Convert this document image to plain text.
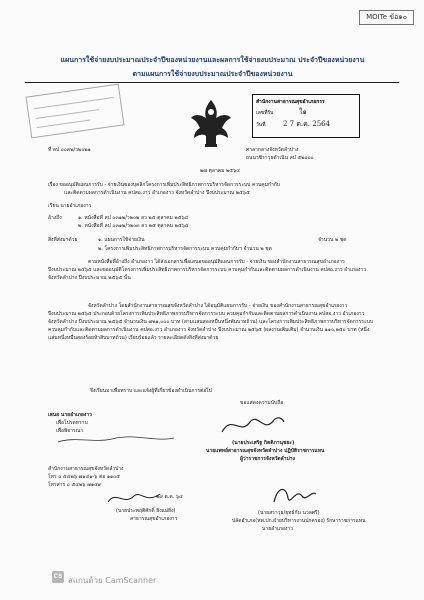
MOITe ข้อ๑๐
แผนการใช้จ่ายงบประมาณประจำปีของหน่วยงานและผลการใช้จ่ายงบประมาณ ประจำปีของหน่วยงาน
ตามแผนการใช้จ่ายงบประมาณประจำปีของหน่วยงาน
สำนักงานสาธารณสุขอำเภอกรร
เลขที่รับ	ใ๑
วันที่ 2 7 ต.ค. 2564
ที่ ลป ๐๐๓๒/ว๒๐๒๑	ศาลากลางจังหวัดลำปาง
ถนนวชิราวุธดำเนิน ลป ๕๒๐๐๐
๒๗ ตุลาคม ๒๕๖๔
เรื่อง ขออนุมัติแผนการรับ - จ่ายเงินของบุคลิกโครงการเพิ่มประสิทธิภาพการบริหารจัดการระบบ ควบคุมกำกับ
และติดตามผลการดำเนินงาน คปสอ.งาว อำเภองาว จังหวัดลำปาง ปีงบประมาณ ๒๕๖๕
เรียน นายอำเภองาว
อ้างถึง	๑. หนังสือที่ ลป ๐๓๑๒/ว๒๐๒ ลว ๒๕ ตุลาคม ๒๕๖๔
๒. หนังสือที่ ลป ๐๓๑๒/ว๒๐๓ ลว ๒๕ ตุลาคม ๒๕๖๔
สิ่งที่ส่งมาด้วย	๑. แผนการใช้จ่ายเงิน	จำนวน ๒ ชุด
๒. โครงการเพิ่มประสิทธิภาพการบริหารจัดการระบบ ควบคุมกำกับฯ จำนวน ๒ ชุด
ตามหนังสือที่อ้างถึง อำเภองาว ได้ส่งเอกสารเพื่อเสนอขออนุมัติแผนการรับ - จ่ายเงิน ของสำนักงานสาธารณสุขอำเภองาว ปีงบประมาณ ๒๕๖๕ และขออนุมัติโครงการเพิ่มประสิทธิภาพการบริหารจัดการระบบ ควบคุมกำกับและติดตามผลการดำเนินงาน คปสอ.งาว อำเภองาว จังหวัดลำปาง ปีงบประมาณ ๒๕๖๕ นั้น
จังหวัดลำปาง โดยสำนักงานสาธารณสุขจังหวัดลำปาง ได้อนุมัติแผนการรับ - จ่ายเงิน ของสำนักงานสาธารณสุขอำเภองาว ปีงบประมาณ ๒๕๖๕ ประกอบด้วยโครงการเพิ่มประสิทธิภาพการบริหารจัดการระบบ ควบคุมกำกับและติดตามผลการดำเนินงาน คปสอ.งาว อำเภองาว จังหวัดลำปาง ปีงบประมาณ ๒๕๖๕ จำนวนเงิน ๗๒๑,๐๐๐ บาท (สามแสนสองหมื่นหนึ่งพันบาทถ้วน) และโครงการเพิ่มประสิทธิภาพการบริหารจัดการระบบ ควบคุมกำกับและติดตามผลการดำเนินงาน คปสอ.งาว อำเภองาว จังหวัดลำปาง ปีงบประมาณ ๒๕๖๕ (ผลงานเพิ่มเติม) จำนวนเงิน ๑๑๐,๒๕๐ บาท (หนึ่งแสนหนึ่งหมื่นสองร้อยห้าสิบบาทถ้วน) เรียบร้อยแล้ว รายละเอียดดังสิ่งที่ส่งมาด้วย
จึงเรียนมาเพื่อทราบ และแจ้งผู้ที่เกี่ยวข้องดำเนินการต่อไป
ขอแสดงความนับถือ
เสนอ นายอำเภองาว
เพื่อโปรดทราบ
เพื่อพิจารณา
(นายประเสริฐ กิตติภานุชยะ)
นายแพทย์สาธารณสุขจังหวัดลำปาง ปฏิบัติราชการแทน
ผู้ว่าราชการจังหวัดลำปาง
สำนักงานสาธารณสุขจังหวัดลำปาง
โทร ๐ ๕๔๒๖ ๗๑๔๑-๖ ต่อ ๑๑๐๕
โทรสาร ๐ ๕๔๒๖ ๗๑๔๙
๒๙ ต.ค. ๖๔
(นายประพฤติศักดิ์ ยิ่งแม่ยิ่ง)
สาธารณสุขอำเภองาว
(นายสราวุธ/ยุทธ์กัน นวลศรี)
ปลัดอำเภอ(หพ.ปก.ฝ่ายบริหารงานปกครอง) รักษาราชการแทน
นายอำเภองาว
CS สแกนด้วย CamScanner
